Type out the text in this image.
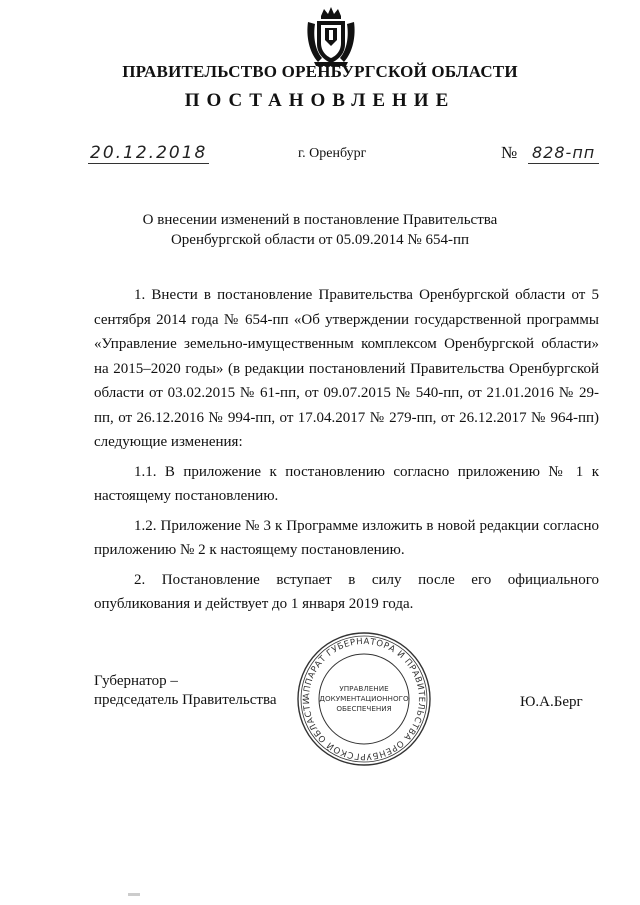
ПРАВИТЕЛЬСТВО ОРЕНБУРГСКОЙ ОБЛАСТИ
ПОСТАНОВЛЕНИЕ
20.12.2018	г. Оренбург	№ 828-пп
О внесении изменений в постановление Правительства
Оренбургской области от 05.09.2014 № 654-пп

1. Внести в постановление Правительства Оренбургской области от 5 сентября 2014 года № 654-пп «Об утверждении государственной программы «Управление земельно-имущественным комплексом Оренбургской области» на 2015–2020 годы» (в редакции постановлений Правительства Оренбургской области от 03.02.2015 № 61-пп, от 09.07.2015 № 540-пп, от 21.01.2016 № 29-пп, от 26.12.2016 № 994-пп, от 17.04.2017 № 279-пп, от 26.12.2017 № 964-пп) следующие изменения:

1.1. В приложение к постановлению согласно приложению № 1 к настоящему постановлению.

1.2. Приложение № 3 к Программе изложить в новой редакции согласно приложению № 2 к настоящему постановлению.

2. Постановление вступает в силу после его официального опубликования и действует до 1 января 2019 года.

Губернатор –
председатель Правительства	АППАРАТ ГУБЕРНАТОРА И ПРАВИТЕЛЬСТВА ОРЕНБУРГСКОЙ ОБЛАСТИ
УПРАВЛЕНИЕ
ДОКУМЕНТАЦИОННОГО
ОБЕСПЕЧЕНИЯ	Ю.А.Берг
